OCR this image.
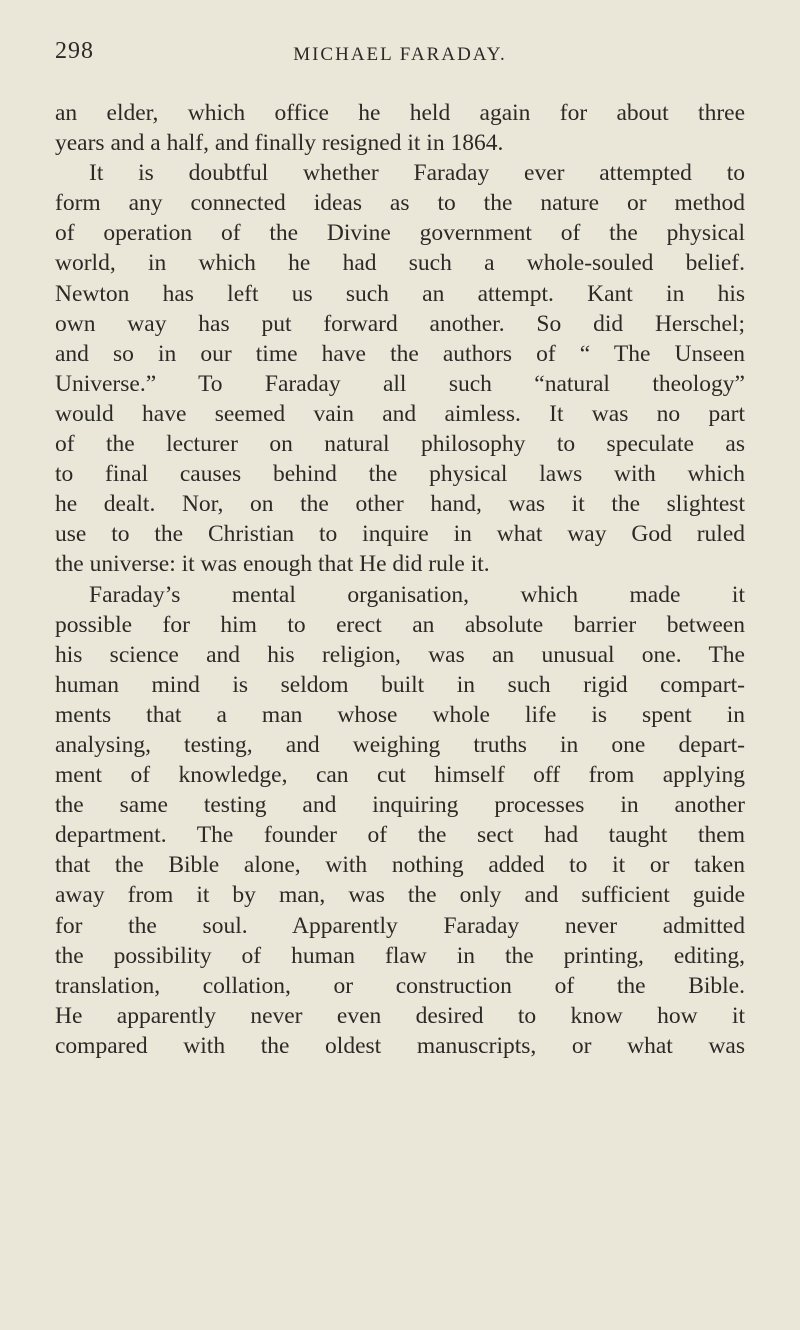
298	MICHAEL FARADAY.
an elder, which office he held again for about three
years and a half, and finally resigned it in 1864.
It is doubtful whether Faraday ever attempted to
form any connected ideas as to the nature or method
of operation of the Divine government of the physical
world, in which he had such a whole-souled belief.
Newton has left us such an attempt. Kant in his
own way has put forward another. So did Herschel;
and so in our time have the authors of “ The Unseen
Universe.” To Faraday all such “natural theology”
would have seemed vain and aimless. It was no part
of the lecturer on natural philosophy to speculate as
to final causes behind the physical laws with which
he dealt. Nor, on the other hand, was it the slightest
use to the Christian to inquire in what way God ruled
the universe: it was enough that He did rule it.
Faraday’s mental organisation, which made it
possible for him to erect an absolute barrier between
his science and his religion, was an unusual one. The
human mind is seldom built in such rigid compart-
ments that a man whose whole life is spent in
analysing, testing, and weighing truths in one depart-
ment of knowledge, can cut himself off from applying
the same testing and inquiring processes in another
department. The founder of the sect had taught them
that the Bible alone, with nothing added to it or taken
away from it by man, was the only and sufficient guide
for the soul. Apparently Faraday never admitted
the possibility of human flaw in the printing, editing,
translation, collation, or construction of the Bible.
He apparently never even desired to know how it
compared with the oldest manuscripts, or what was
